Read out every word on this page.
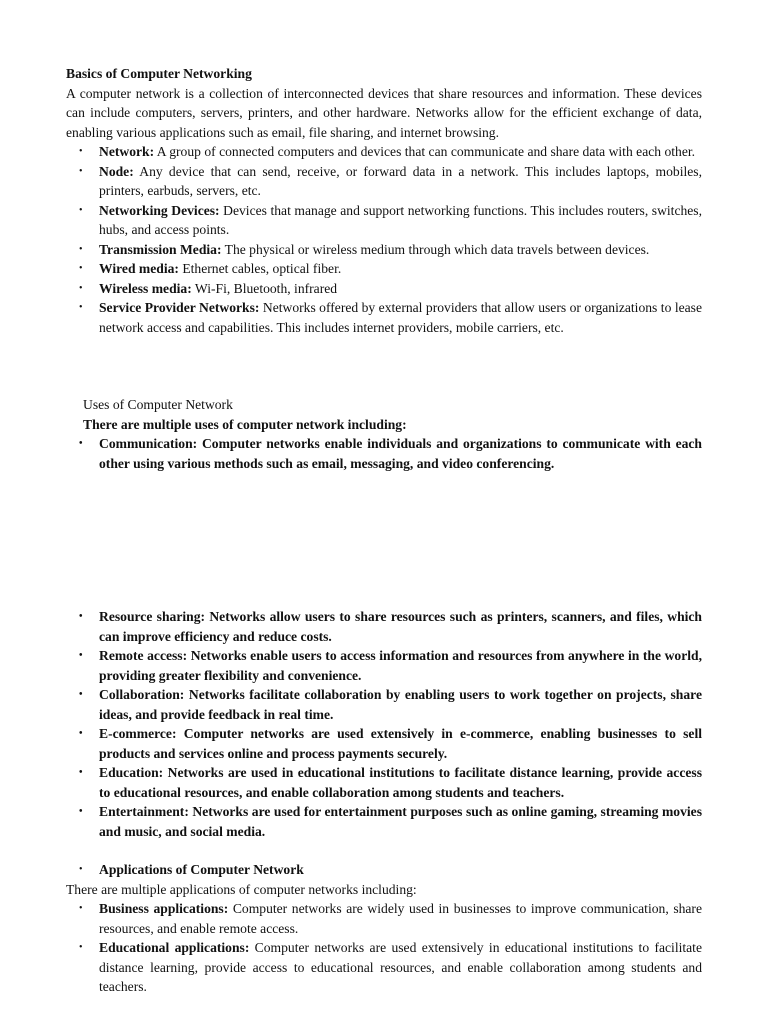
Basics of Computer Networking

A computer network is a collection of interconnected devices that share resources and information. These devices can include computers, servers, printers, and other hardware. Networks allow for the efficient exchange of data, enabling various applications such as email, file sharing, and internet browsing.

• Network: A group of connected computers and devices that can communicate and share data with each other.
• Node: Any device that can send, receive, or forward data in a network. This includes laptops, mobiles, printers, earbuds, servers, etc.
• Networking Devices: Devices that manage and support networking functions. This includes routers, switches, hubs, and access points.
• Transmission Media: The physical or wireless medium through which data travels between devices.
• Wired media: Ethernet cables, optical fiber.
• Wireless media: Wi-Fi, Bluetooth, infrared
• Service Provider Networks: Networks offered by external providers that allow users or organizations to lease network access and capabilities. This includes internet providers, mobile carriers, etc.

Uses of Computer Network

There are multiple uses of computer network including:

• Communication: Computer networks enable individuals and organizations to communicate with each other using various methods such as email, messaging, and video conferencing.
• Resource sharing: Networks allow users to share resources such as printers, scanners, and files, which can improve efficiency and reduce costs.
• Remote access: Networks enable users to access information and resources from anywhere in the world, providing greater flexibility and convenience.
• Collaboration: Networks facilitate collaboration by enabling users to work together on projects, share ideas, and provide feedback in real time.
• E-commerce: Computer networks are used extensively in e-commerce, enabling businesses to sell products and services online and process payments securely.
• Education: Networks are used in educational institutions to facilitate distance learning, provide access to educational resources, and enable collaboration among students and teachers.
• Entertainment: Networks are used for entertainment purposes such as online gaming, streaming movies and music, and social media.
• Applications of Computer Network

There are multiple applications of computer networks including:

• Business applications: Computer networks are widely used in businesses to improve communication, share resources, and enable remote access.
• Educational applications: Computer networks are used extensively in educational institutions to facilitate distance learning, provide access to educational resources, and enable collaboration among students and teachers.
